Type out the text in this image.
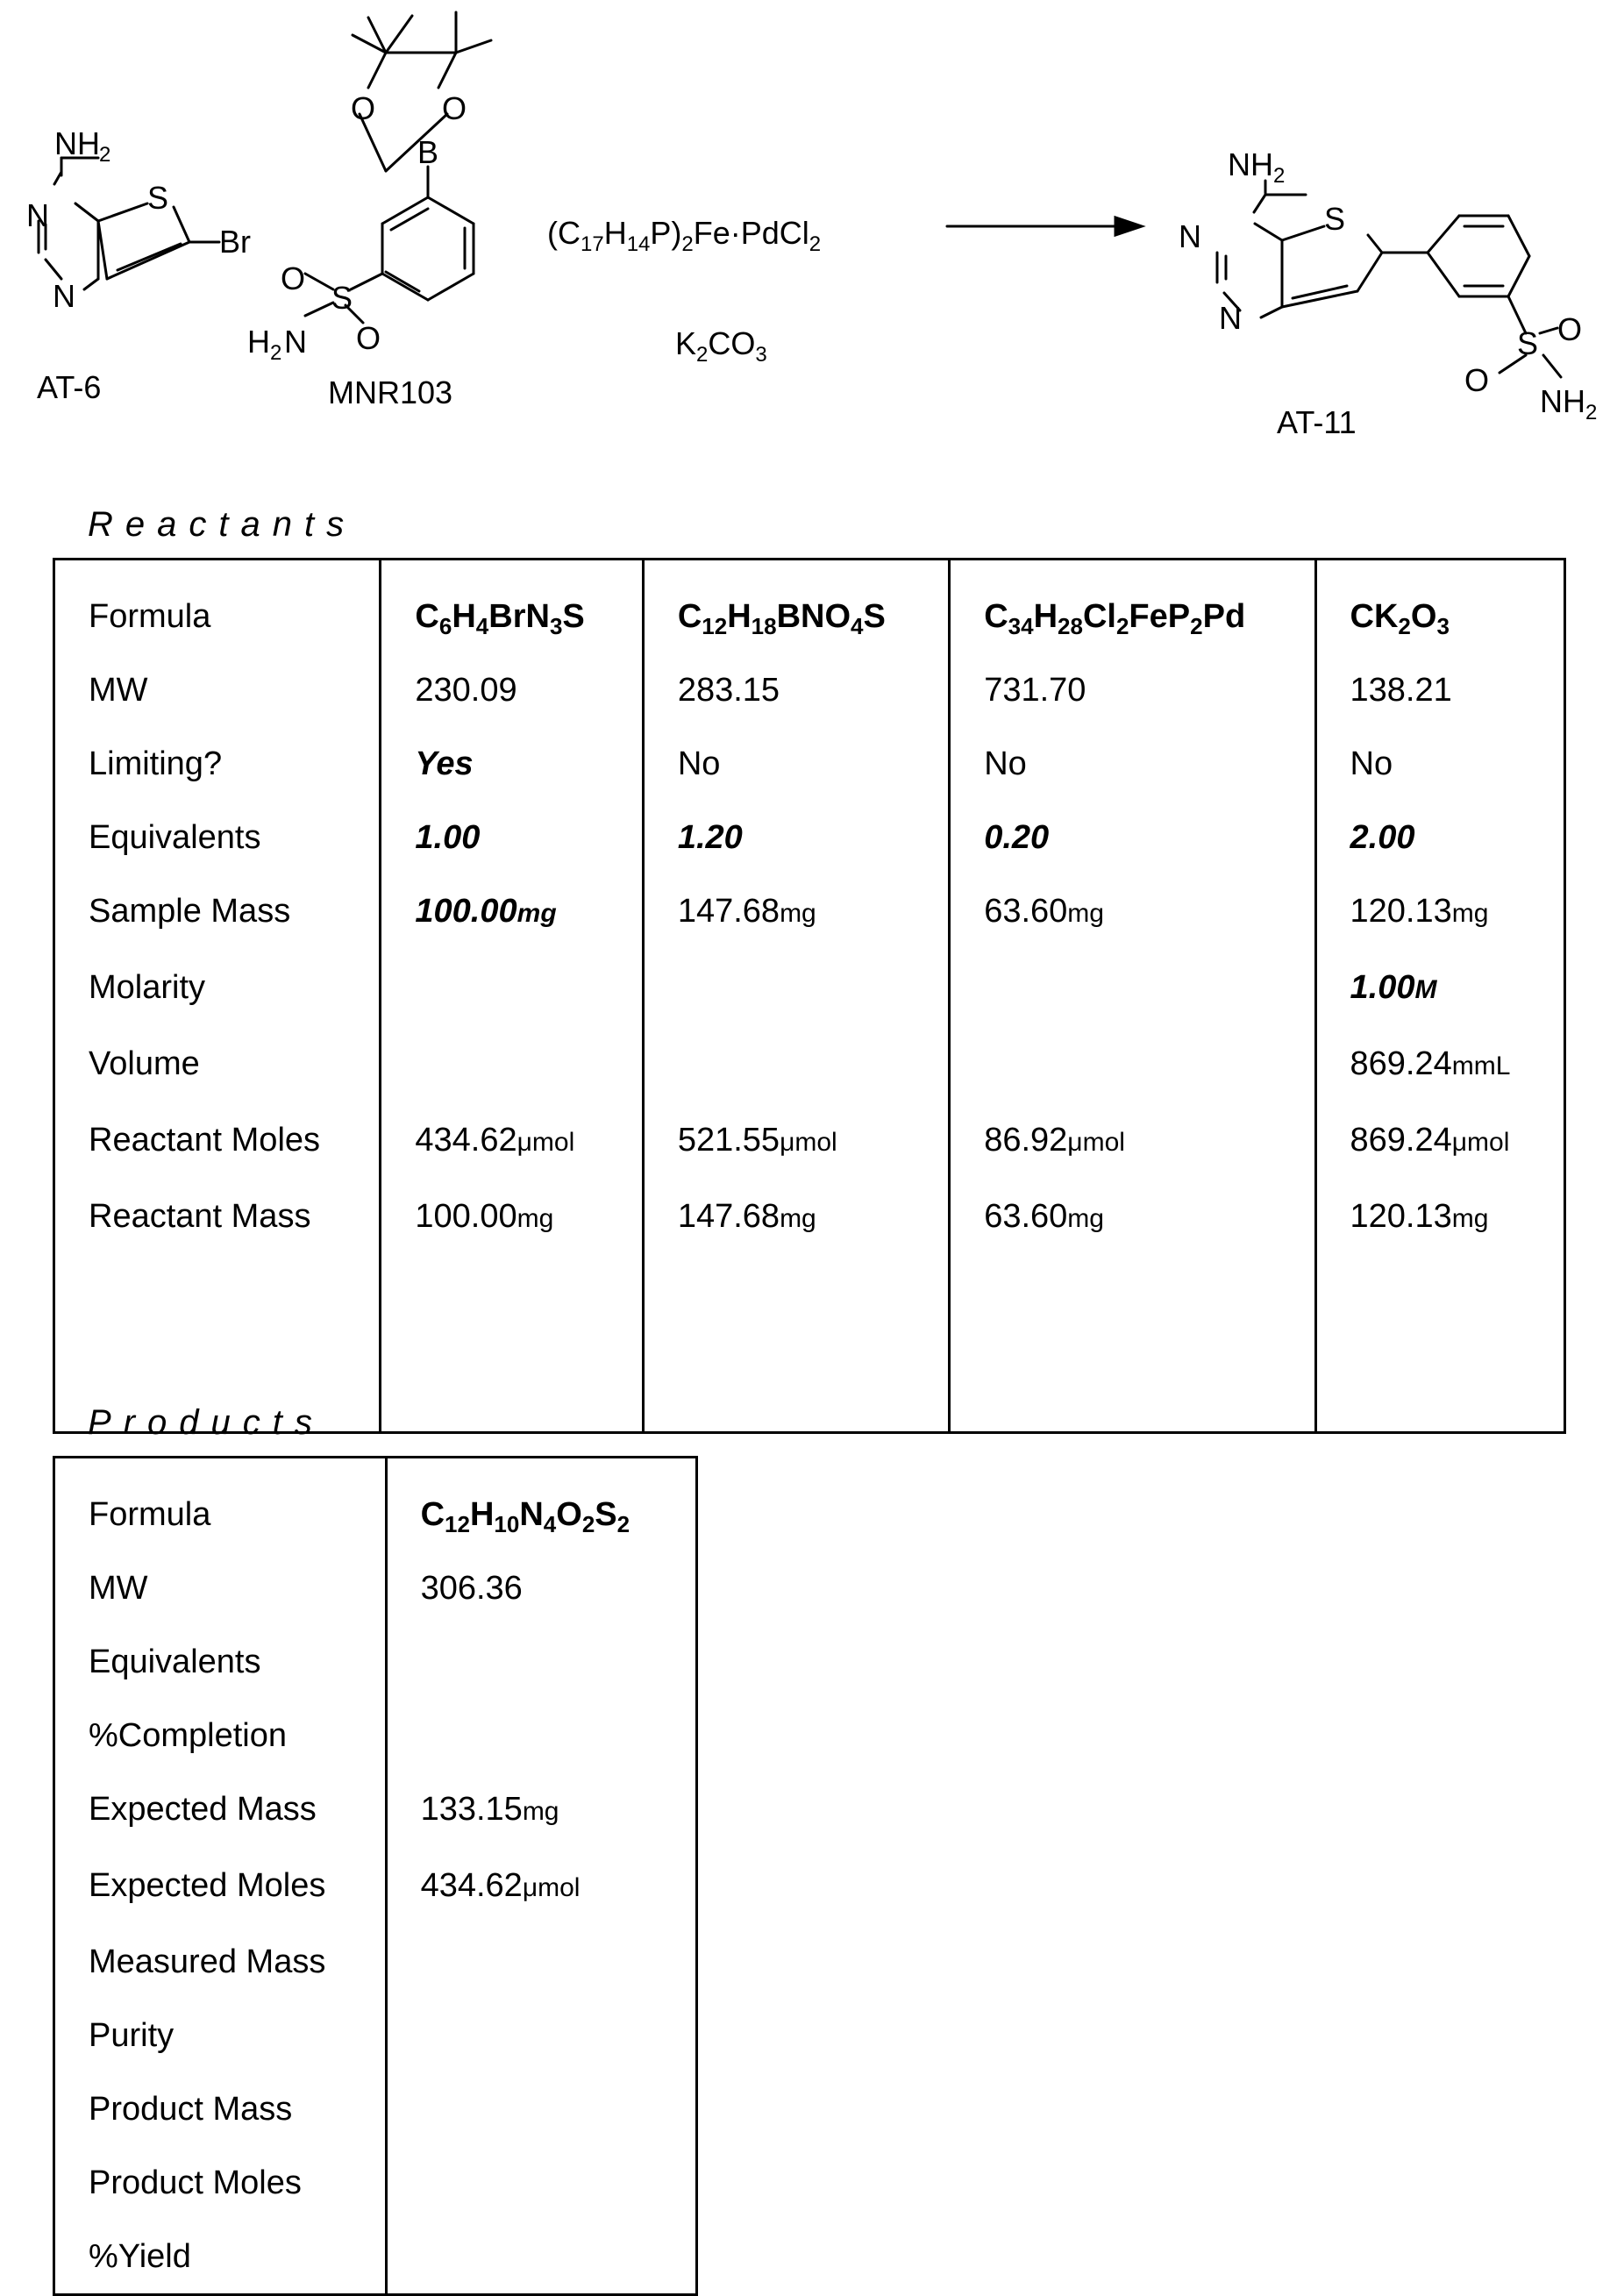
NH 2
N
N
S
Br
AT-6
O O
B
O
S
O
H 2 N
MNR103
$(C_{17}H_{14}P)_2Fe\cdot PdCl_2$
$K_2CO_3$
NH 2
N
N
S
S O
O
NH 2
AT-11
Reactants
Formula	$C_6H_4BrN_3S$	$C_{12}H_{18}BNO_4S$	$C_{34}H_{28}Cl_2FeP_2Pd$	$CK_2O_3$
MW	230.09	283.15	731.70	138.21
Limiting?	Yes	No	No	No
Equivalents	1.00	1.20	0.20	2.00
Sample Mass	100.00mg	147.68mg	63.60mg	120.13mg
Molarity				1.00M
Volume				869.24mmL
Reactant Moles	434.62μmol	521.55μmol	86.92μmol	869.24μmol
Reactant Mass	100.00mg	147.68mg	63.60mg	120.13mg

Products
Formula	$C_{12}H_{10}N_4O_2S_2$
MW	306.36
Equivalents	
%Completion	
Expected Mass	133.15mg
Expected Moles	434.62μmol
Measured Mass	
Purity	
Product Mass	
Product Moles	
%Yield	
